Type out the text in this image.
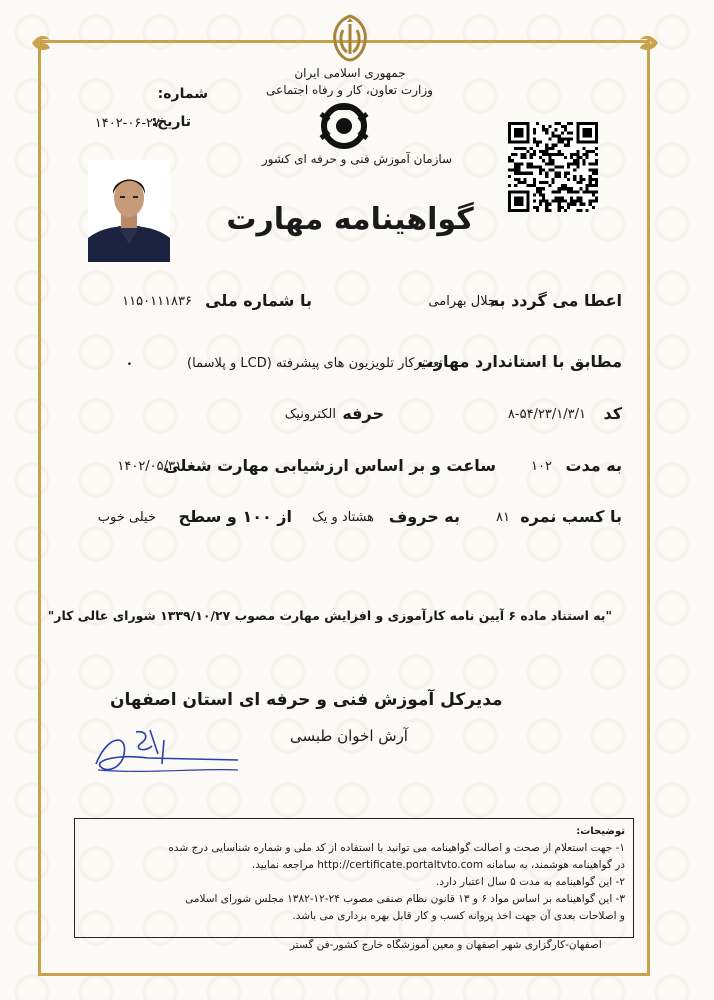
جمهوری اسلامی ایران
وزارت تعاون، کار و رفاه اجتماعی
سازمان آموزش فنی و حرفه ای کشور
شماره:
تاریخ:
۱۴۰۲-۰۶-۲۷
گواهینامه مهارت
اعطا می گردد به
جلال بهرامی
با شماره ملی
۱۱۵۰۱۱۱۸۳۶
مطابق با استاندارد مهارت
تعمیرکار تلویزیون های پیشرفته (LCD و پلاسما)
•
کد
۸-۵۴/۲۳/۱/۳/۱
حرفه
الکترونیک
به مدت
۱۰۲
ساعت و بر اساس ارزشیابی مهارت شغلی
۱۴۰۲/۰۵/۳۱
با کسب نمره
۸۱
به حروف
هشتاد و یک
از ۱۰۰ و سطح
خیلی خوب
"به استناد ماده ۶ آیین نامه کارآموزی و افزایش مهارت مصوب ۱۳۳۹/۱۰/۲۷ شورای عالی کار"
مدیرکل آموزش فنی و حرفه ای استان اصفهان
آرش اخوان طبسی
توضیحات:
۱- جهت استعلام از صحت و اصالت گواهینامه می توانید با استفاده از کد ملی و شماره شناسایی درج شده
در گواهینامه هوشمند، به سامانه http://certificate.portaltvto.com مراجعه نمایید.
۲- این گواهینامه به مدت ۵ سال اعتبار دارد.
۳- این گواهینامه بر اساس مواد ۶ و ۱۳ قانون نظام صنفی مصوب ۲۴-۱۲-۱۳۸۲ مجلس شورای اسلامی
و اصلاحات بعدی آن جهت اخذ پروانه کسب و کار قابل بهره برداری می باشد.
اصفهان-کارگزاری شهر اصفهان و معین آموزشگاه خارج کشور-فن گستر
